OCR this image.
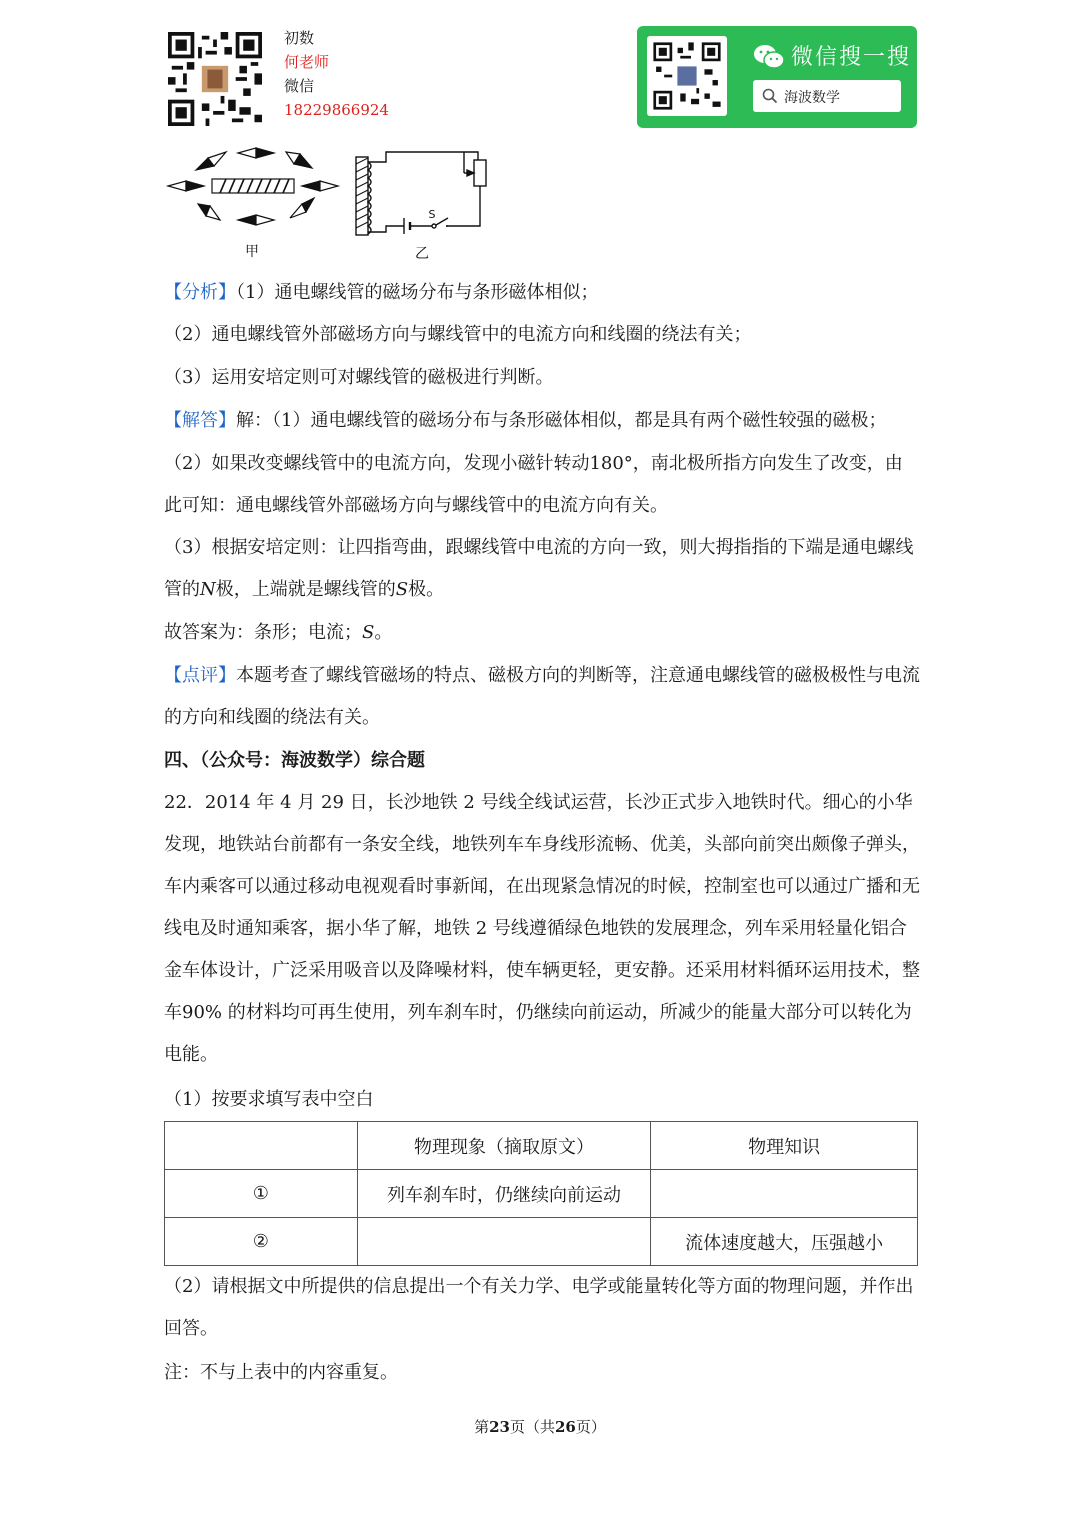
初数
何老师
微信
18229866924
微信搜一搜
海波数学
S
甲	乙

【分析】（1）通电螺线管的磁场分布与条形磁体相似；

（2）通电螺线管外部磁场方向与螺线管中的电流方向和线圈的绕法有关；

（3）运用安培定则可对螺线管的磁极进行判断。

【解答】解：（1）通电螺线管的磁场分布与条形磁体相似，都是具有两个磁性较强的磁极；

（2）如果改变螺线管中的电流方向，发现小磁针转动180°，南北极所指方向发生了改变，由此可知：通电螺线管外部磁场方向与螺线管中的电流方向有关。

（3）根据安培定则：让四指弯曲，跟螺线管中电流的方向一致，则大拇指指的下端是通电螺线管的N极，上端就是螺线管的S极。

故答案为：条形；电流；S。

【点评】本题考查了螺线管磁场的特点、磁极方向的判断等，注意通电螺线管的磁极极性与电流的方向和线圈的绕法有关。

四、（公众号：海波数学）综合题

22．2014 年 4 月 29 日，长沙地铁 2 号线全线试运营，长沙正式步入地铁时代。细心的小华发现，地铁站台前都有一条安全线，地铁列车车身线形流畅、优美，头部向前突出颇像子弹头，车内乘客可以通过移动电视观看时事新闻，在出现紧急情况的时候，控制室也可以通过广播和无线电及时通知乘客，据小华了解，地铁 2 号线遵循绿色地铁的发展理念，列车采用轻量化铝合金车体设计，广泛采用吸音以及降噪材料，使车辆更轻，更安静。还采用材料循环运用技术，整车90% 的材料均可再生使用，列车刹车时，仍继续向前运动，所减少的能量大部分可以转化为电能。

（1）按要求填写表中空白

	物理现象（摘取原文）	物理知识
①	列车刹车时，仍继续向前运动	
②		流体速度越大，压强越小

（2）请根据文中所提供的信息提出一个有关力学、电学或能量转化等方面的物理问题，并作出回答。

注：不与上表中的内容重复。

第23页（共26页）
